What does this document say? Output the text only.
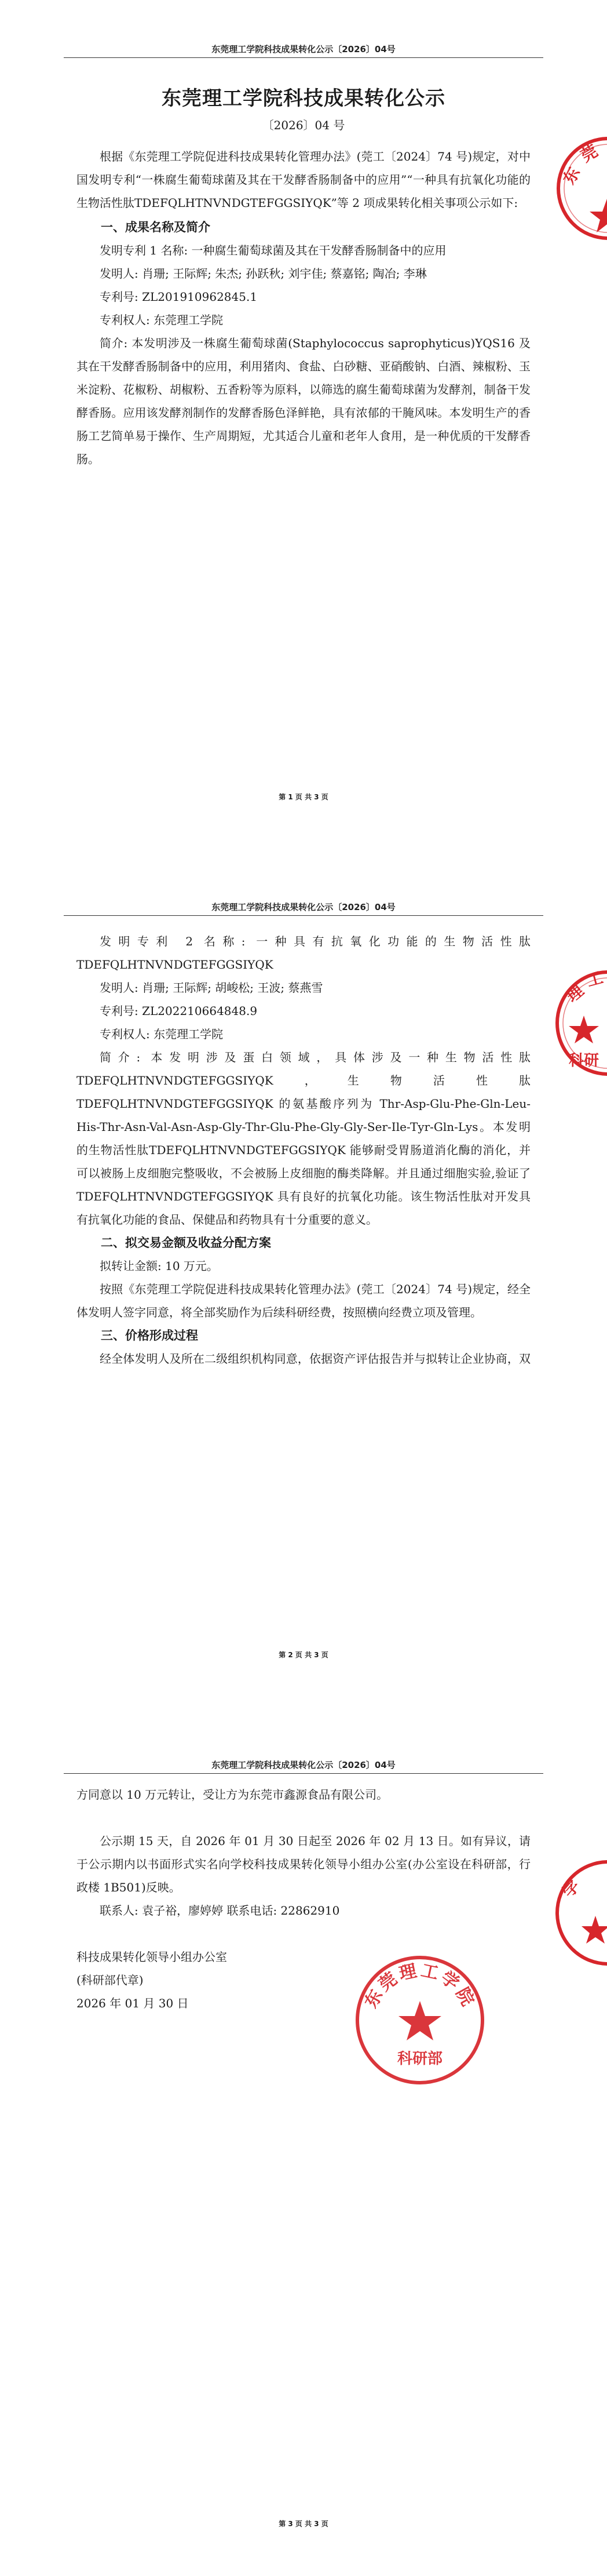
东莞理工学院科技成果转化公示〔2026〕04号
东莞理工学院科技成果转化公示
〔2026〕04 号
东
莞

根据《东莞理工学院促进科技成果转化管理办法》(莞工〔2024〕74 号)规定，对中国发明专利“一株腐生葡萄球菌及其在干发酵香肠制备中的应用”“一种具有抗氧化功能的生物活性肽TDEFQLHTNVNDGTEFGGSIYQK”等 2 项成果转化相关事项公示如下:

一、成果名称及简介

发明专利 1 名称: 一种腐生葡萄球菌及其在干发酵香肠制备中的应用

发明人: 肖珊; 王际辉; 朱杰; 孙跃秋; 刘宇佳; 蔡嘉铭; 陶冶; 李琳

专利号: ZL201910962845.1

专利权人: 东莞理工学院

简介: 本发明涉及一株腐生葡萄球菌(Staphylococcus saprophyticus)YQS16 及其在干发酵香肠制备中的应用，利用猪肉、食盐、白砂糖、亚硝酸钠、白酒、辣椒粉、玉米淀粉、花椒粉、胡椒粉、五香粉等为原料，以筛选的腐生葡萄球菌为发酵剂，制备干发酵香肠。应用该发酵剂制作的发酵香肠色泽鲜艳，具有浓郁的干腌风味。本发明生产的香肠工艺简单易于操作、生产周期短，尤其适合儿童和老年人食用，是一种优质的干发酵香肠。

第 1 页 共 3 页
东莞理工学院科技成果转化公示〔2026〕04号
理
工
科研

发明专利 2 名称: 一种具有抗氧化功能的生物活性肽 TDEFQLHTNVNDGTEFGGSIYQK

发明人: 肖珊; 王际辉; 胡峻松; 王波; 蔡燕雪

专利号: ZL202210664848.9

专利权人: 东莞理工学院

简介: 本发明涉及蛋白领域，具体涉及一种生物活性肽TDEFQLHTNVNDGTEFGGSIYQK，生物活性肽TDEFQLHTNVNDGTEFGGSIYQK 的氨基酸序列为 Thr-Asp-Glu-Phe-Gln-Leu-His-Thr-Asn-Val-Asn-Asp-Gly-Thr-Glu-Phe-Gly-Gly-Ser-Ile-Tyr-Gln-Lys。本发明的生物活性肽TDEFQLHTNVNDGTEFGGSIYQK 能够耐受胃肠道消化酶的消化，并可以被肠上皮细胞完整吸收，不会被肠上皮细胞的酶类降解。并且通过细胞实验,验证了 TDEFQLHTNVNDGTEFGGSIYQK 具有良好的抗氧化功能。该生物活性肽对开发具有抗氧化功能的食品、保健品和药物具有十分重要的意义。

二、拟交易金额及收益分配方案

拟转让金额: 10 万元。

按照《东莞理工学院促进科技成果转化管理办法》(莞工〔2024〕74 号)规定，经全体发明人签字同意，将全部奖励作为后续科研经费，按照横向经费立项及管理。

三、价格形成过程

经全体发明人及所在二级组织机构同意，依据资产评估报告并与拟转让企业协商，双

第 2 页 共 3 页
东莞理工学院科技成果转化公示〔2026〕04号
学

方同意以 10 万元转让，受让方为东莞市鑫源食品有限公司。

公示期 15 天，自 2026 年 01 月 30 日起至 2026 年 02 月 13 日。如有异议，请于公示期内以书面形式实名向学校科技成果转化领导小组办公室(办公室设在科研部，行政楼 1B501)反映。

联系人: 袁子裕，廖婷婷 联系电话: 22862910

科技成果转化领导小组办公室

(科研部代章)

2026 年 01 月 30 日	东莞理工学院
科研部
第 3 页 共 3 页
